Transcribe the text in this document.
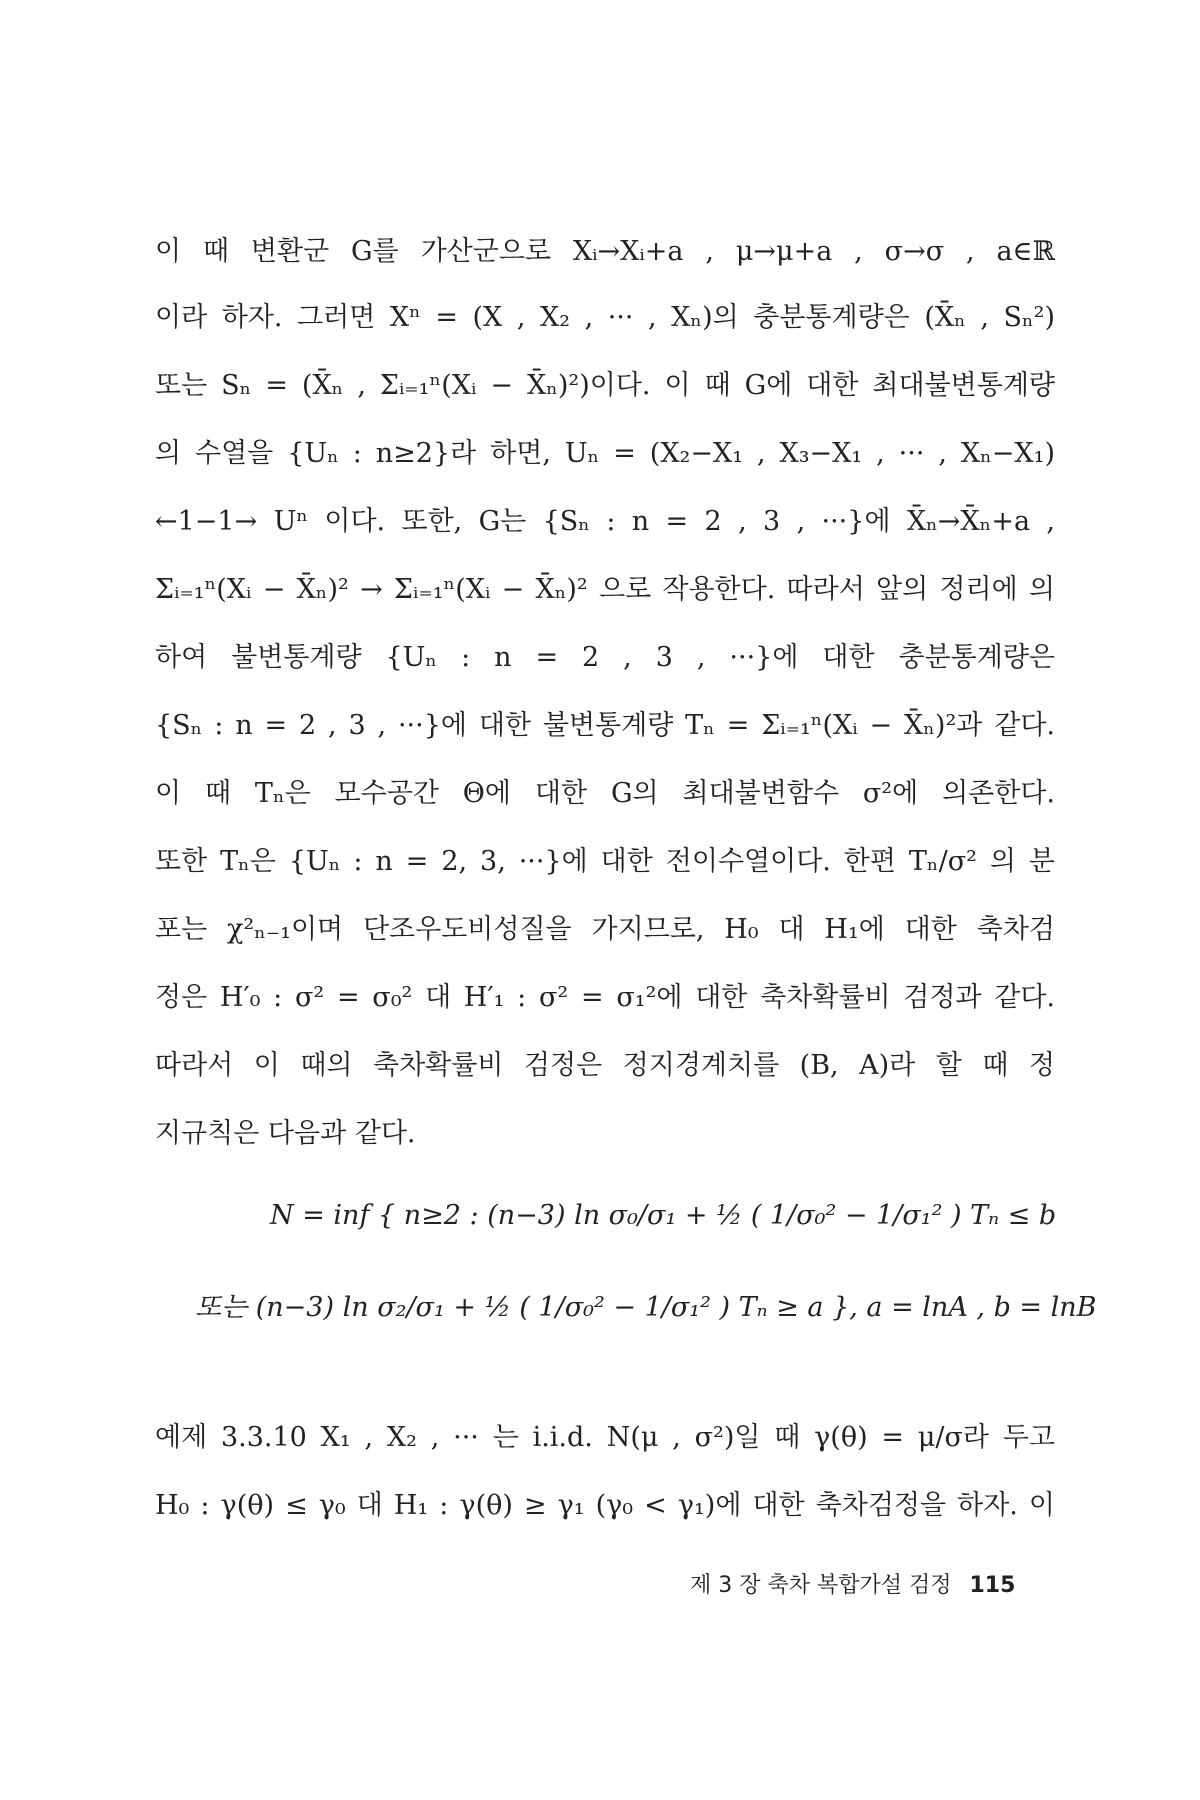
이 때 변환군 G를 가산군으로 Xᵢ→Xᵢ+a , μ→μ+a , σ→σ , a∈ℝ
이라 하자. 그러면 Xⁿ = (X , X₂ , ··· , Xₙ)의 충분통계량은 (X̄ₙ , Sₙ²)
또는 Sₙ = (X̄ₙ , Σᵢ₌₁ⁿ(Xᵢ − X̄ₙ)²)이다. 이 때 G에 대한 최대불변통계량
의 수열을 {Uₙ : n≥2}라 하면, Uₙ = (X₂−X₁ , X₃−X₁ , ··· , Xₙ−X₁)
←1−1→ Uⁿ 이다. 또한, G는 {Sₙ : n = 2 , 3 , ···}에 X̄ₙ→X̄ₙ+a ,
Σᵢ₌₁ⁿ(Xᵢ − X̄ₙ)² → Σᵢ₌₁ⁿ(Xᵢ − X̄ₙ)² 으로 작용한다. 따라서 앞의 정리에 의
하여 불변통계량 {Uₙ : n = 2 , 3 , ···}에 대한 충분통계량은
{Sₙ : n = 2 , 3 , ···}에 대한 불변통계량 Tₙ = Σᵢ₌₁ⁿ(Xᵢ − X̄ₙ)²과 같다.
이 때 Tₙ은 모수공간 Θ에 대한 G의 최대불변함수 σ²에 의존한다.
또한 Tₙ은 {Uₙ : n = 2, 3, ···}에 대한 전이수열이다. 한편 Tₙ/σ² 의 분
포는 χ²ₙ₋₁이며 단조우도비성질을 가지므로, H₀ 대 H₁에 대한 축차검
정은 H′₀ : σ² = σ₀² 대 H′₁ : σ² = σ₁²에 대한 축차확률비 검정과 같다.
따라서 이 때의 축차확률비 검정은 정지경계치를 (B, A)라 할 때 정
지규칙은 다음과 같다.
N = inf { n≥2 : (n−3) ln σ₀/σ₁ + ½ ( 1/σ₀² − 1/σ₁² ) Tₙ ≤ b
또는 (n−3) ln σ₂/σ₁ + ½ ( 1/σ₀² − 1/σ₁² ) Tₙ ≥ a }, a = lnA , b = lnB
예제 3.3.10 X₁ , X₂ , ··· 는 i.i.d. N(μ , σ²)일 때 γ(θ) = μ/σ라 두고
H₀ : γ(θ) ≤ γ₀ 대 H₁ : γ(θ) ≥ γ₁ (γ₀ < γ₁)에 대한 축차검정을 하자. 이
제 3 장 축차 복합가설 검정 115
